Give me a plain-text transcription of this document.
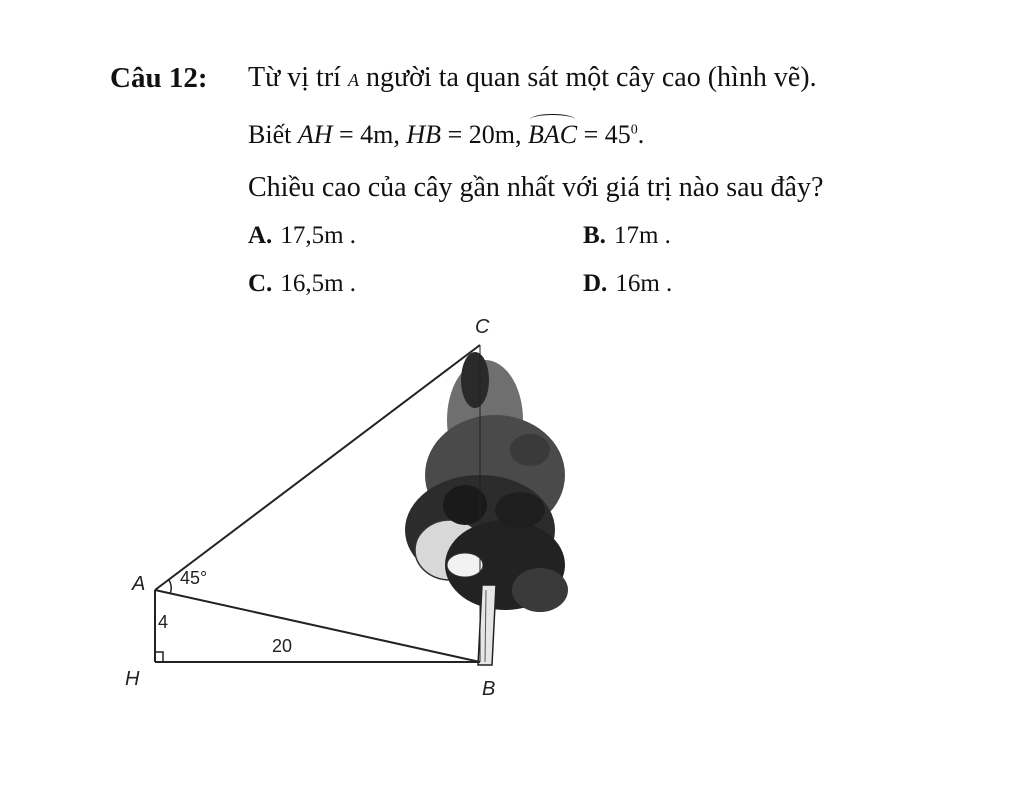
Câu 12: Từ vị trí A người ta quan sát một cây cao (hình vẽ).
Biết AH = 4m, HB = 20m, BAC = $45^0$.
Chiều cao của cây gần nhất với giá trị nào sau đây?
A. 17,5m .	B. 17m .
C. 16,5m .	D. 16m .
C
A
H	B
45°
4
20
